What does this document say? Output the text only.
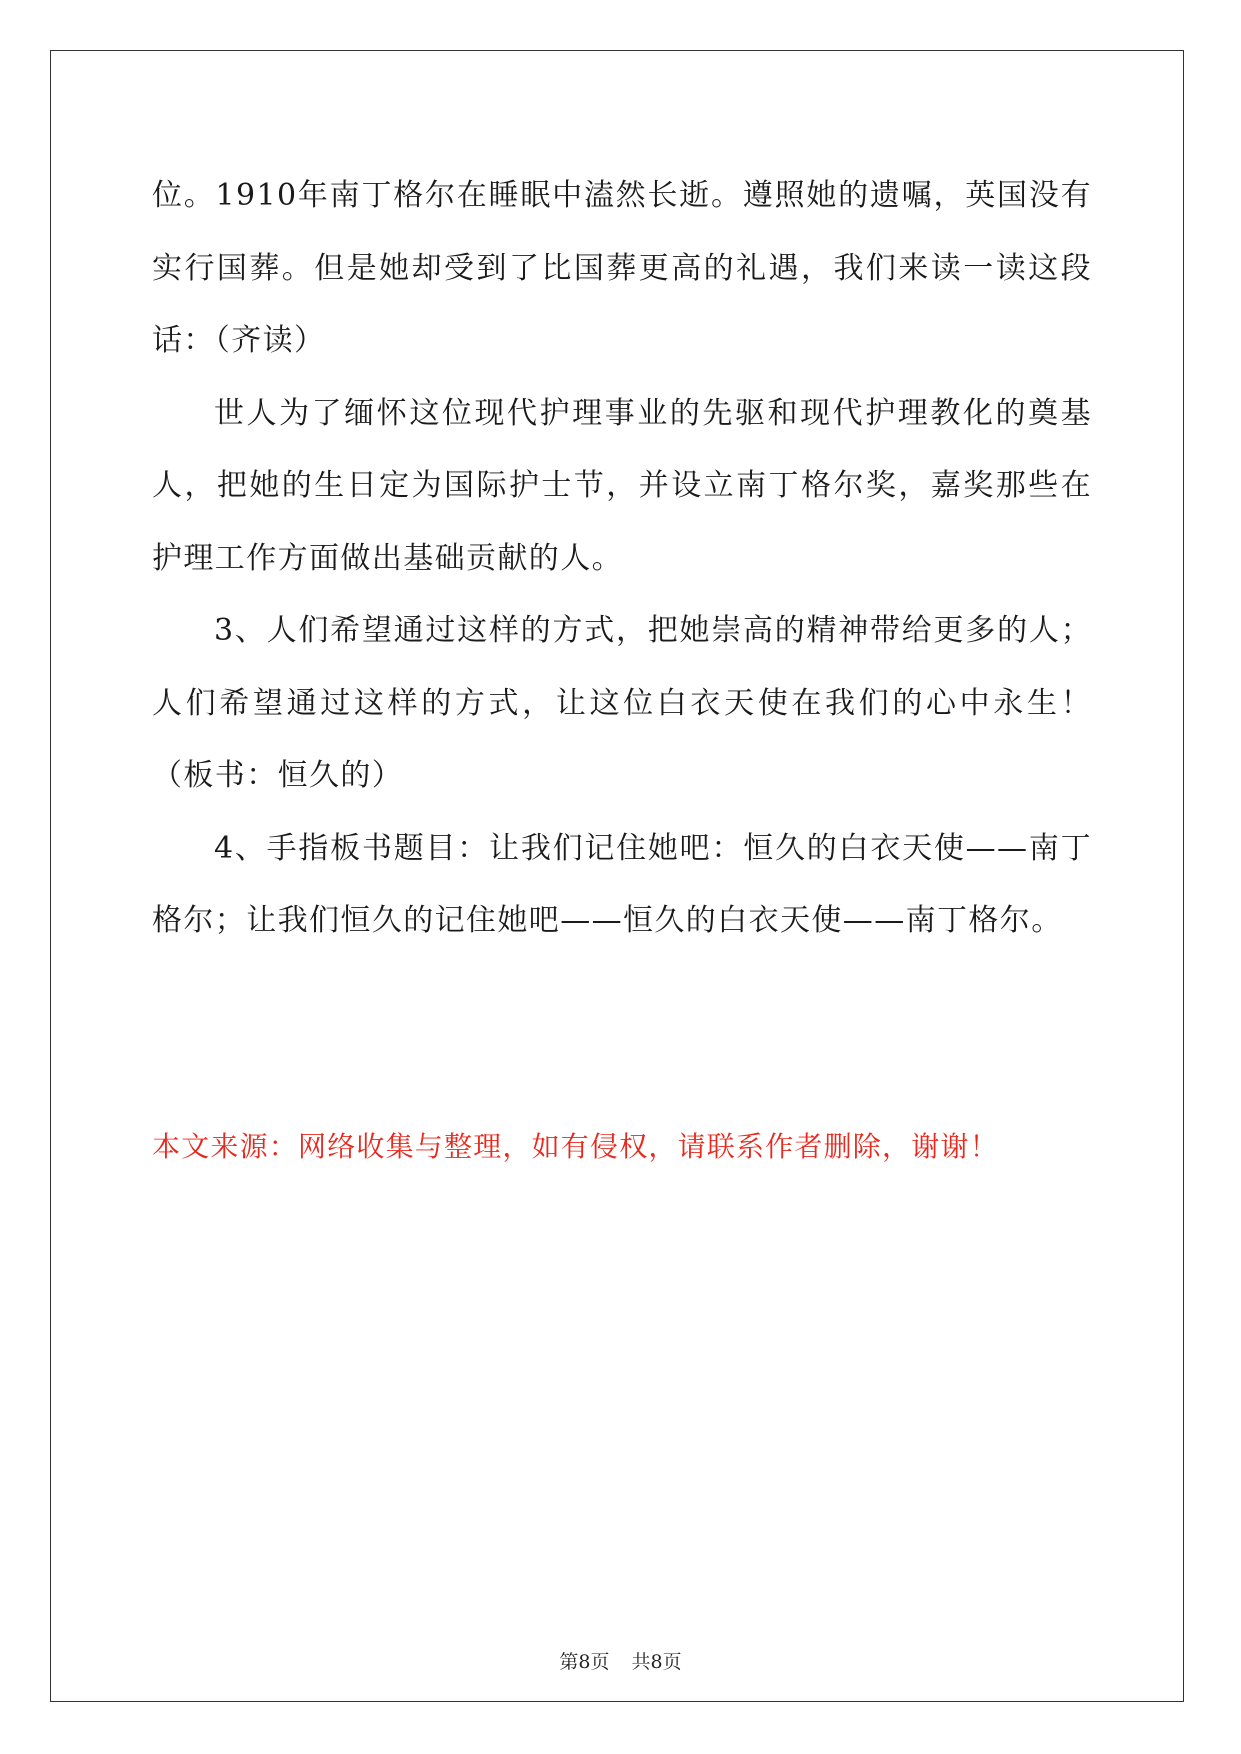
位。1910年南丁格尔在睡眠中溘然长逝。遵照她的遗嘱，英国没有实行国葬。但是她却受到了比国葬更高的礼遇，我们来读一读这段话：（齐读）

世人为了缅怀这位现代护理事业的先驱和现代护理教化的奠基人，把她的生日定为国际护士节，并设立南丁格尔奖，嘉奖那些在护理工作方面做出基础贡献的人。

3、人们希望通过这样的方式，把她崇高的精神带给更多的人；人们希望通过这样的方式，让这位白衣天使在我们的心中永生！（板书：恒久的）

4、手指板书题目：让我们记住她吧：恒久的白衣天使——南丁格尔；让我们恒久的记住她吧——恒久的白衣天使——南丁格尔。

本文来源：网络收集与整理，如有侵权，请联系作者删除，谢谢！

第8页 共8页
